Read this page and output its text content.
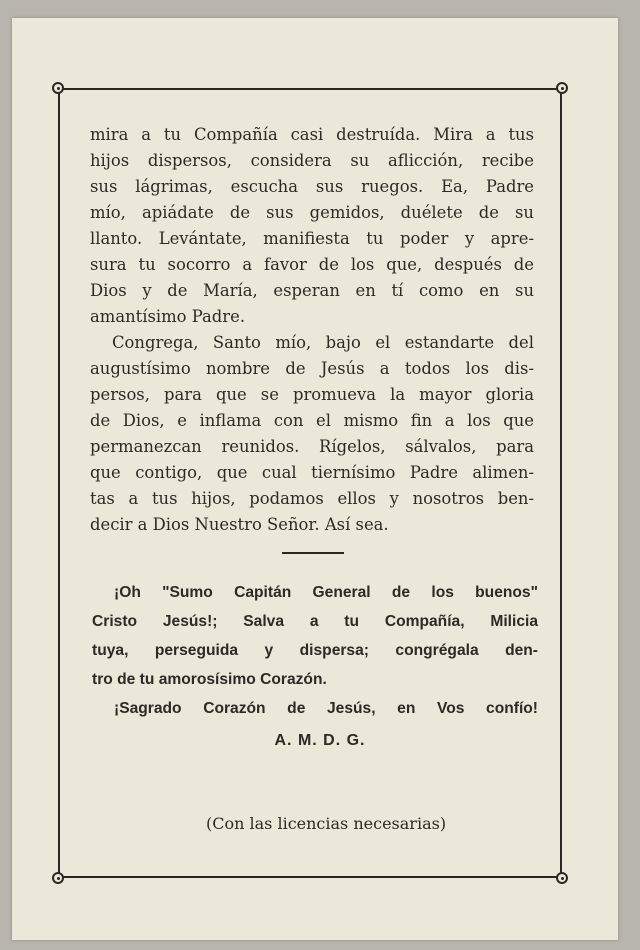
mira a tu Compañía casi destruída. Mira a tus
hijos dispersos, considera su aflicción, recibe
sus lágrimas, escucha sus ruegos. Ea, Padre
mío, apiádate de sus gemidos, duélete de su
llanto. Levántate, manifiesta tu poder y apre-
sura tu socorro a favor de los que, después de
Dios y de María, esperan en tí como en su
amantísimo Padre.

Congrega, Santo mío, bajo el estandarte del
augustísimo nombre de Jesús a todos los dis-
persos, para que se promueva la mayor gloria
de Dios, e inflama con el mismo fin a los que
permanezcan reunidos. Rígelos, sálvalos, para
que contigo, que cual tiernísimo Padre alimen-
tas a tus hijos, podamos ellos y nosotros ben-
decir a Dios Nuestro Señor. Así sea.

¡Oh "Sumo Capitán General de los buenos"
Cristo Jesús!; Salva a tu Compañía, Milicia
tuya, perseguida y dispersa; congrégala den-
tro de tu amorosísimo Corazón.
¡Sagrado Corazón de Jesús, en Vos confío!
A. M. D. G.
(Con las licencias necesarias)
